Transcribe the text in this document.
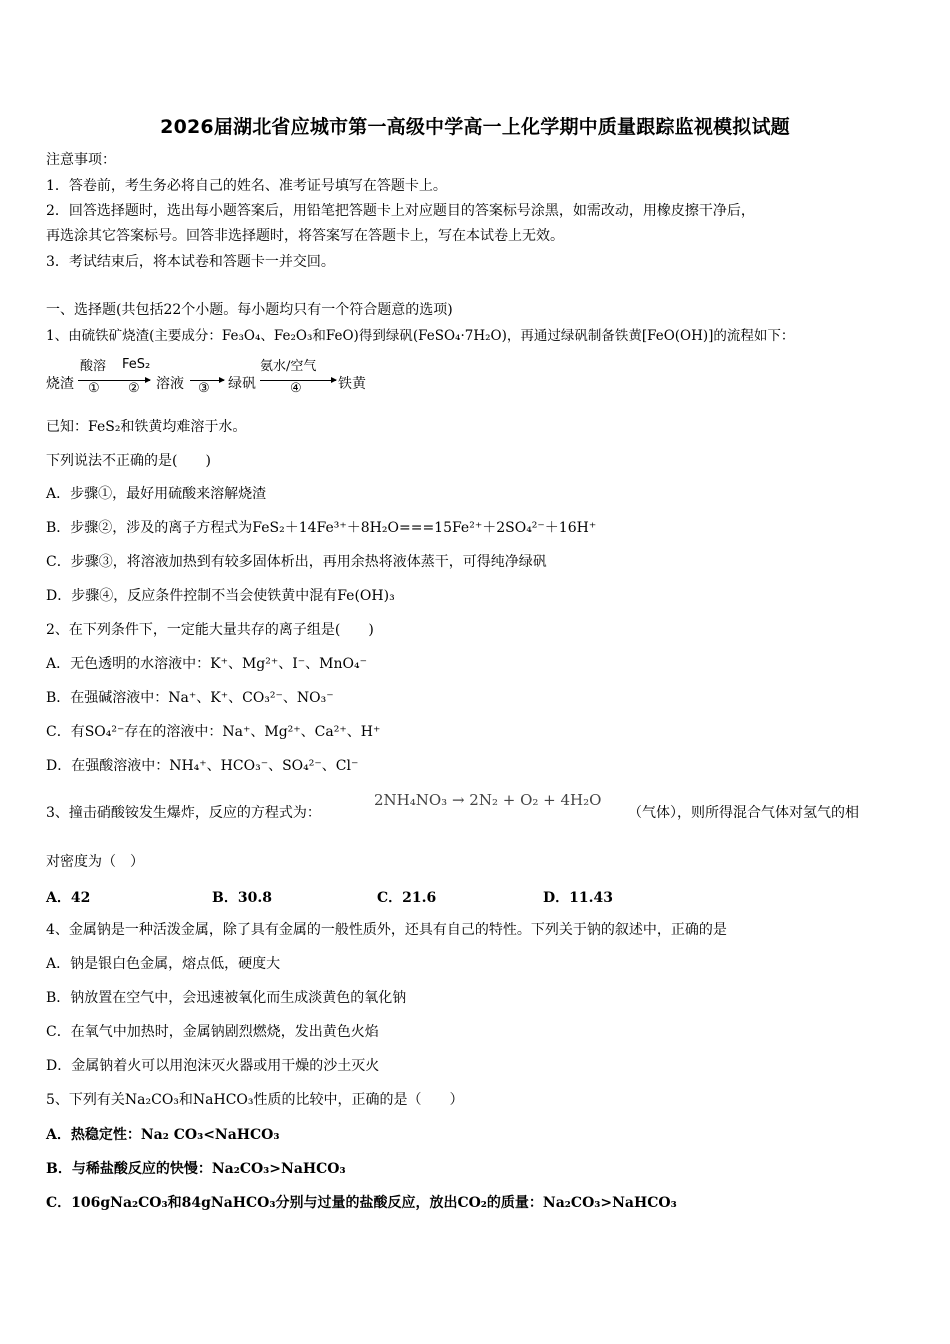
2026届湖北省应城市第一高级中学高一上化学期中质量跟踪监视模拟试题
注意事项：
1．答卷前，考生务必将自己的姓名、准考证号填写在答题卡上。
2．回答选择题时，选出每小题答案后，用铅笔把答题卡上对应题目的答案标号涂黑，如需改动，用橡皮擦干净后，
再选涂其它答案标号。回答非选择题时，将答案写在答题卡上，写在本试卷上无效。
3．考试结束后，将本试卷和答题卡一并交回。
一、选择题(共包括22个小题。每小题均只有一个符合题意的选项)
1、由硫铁矿烧渣(主要成分：Fe₃O₄、Fe₂O₃和FeO)得到绿矾(FeSO₄·7H₂O)，再通过绿矾制备铁黄[FeO(OH)]的流程如下：
烧渣
酸溶
①
FeS₂
② 溶液 ③ 绿矾
氨水/空气
④	铁黄
已知：FeS₂和铁黄均难溶于水。
下列说法不正确的是(　　)
A．步骤①，最好用硫酸来溶解烧渣
B．步骤②，涉及的离子方程式为FeS₂＋14Fe³⁺＋8H₂O===15Fe²⁺＋2SO₄²⁻＋16H⁺
C．步骤③，将溶液加热到有较多固体析出，再用余热将液体蒸干，可得纯净绿矾
D．步骤④，反应条件控制不当会使铁黄中混有Fe(OH)₃
2、在下列条件下，一定能大量共存的离子组是(　　)
A．无色透明的水溶液中：K⁺、Mg²⁺、I⁻、MnO₄⁻
B．在强碱溶液中：Na⁺、K⁺、CO₃²⁻、NO₃⁻
C．有SO₄²⁻存在的溶液中：Na⁺、Mg²⁺、Ca²⁺、H⁺
D．在强酸溶液中：NH₄⁺、HCO₃⁻、SO₄²⁻、Cl⁻
3、撞击硝酸铵发生爆炸，反应的方程式为：
2NH₄NO₃ → 2N₂ + O₂ + 4H₂O
（气体），则所得混合气体对氢气的相
对密度为（　）
A．42	B．30.8	C．21.6	D．11.43
4、金属钠是一种活泼金属，除了具有金属的一般性质外，还具有自己的特性。下列关于钠的叙述中，正确的是
A．钠是银白色金属，熔点低，硬度大
B．钠放置在空气中，会迅速被氧化而生成淡黄色的氧化钠
C．在氧气中加热时，金属钠剧烈燃烧，发出黄色火焰
D．金属钠着火可以用泡沫灭火器或用干燥的沙土灭火
5、下列有关Na₂CO₃和NaHCO₃性质的比较中，正确的是（　　）
A．热稳定性：Na₂ CO₃<NaHCO₃
B．与稀盐酸反应的快慢：Na₂CO₃>NaHCO₃
C．106gNa₂CO₃和84gNaHCO₃分别与过量的盐酸反应，放出CO₂的质量：Na₂CO₃>NaHCO₃
